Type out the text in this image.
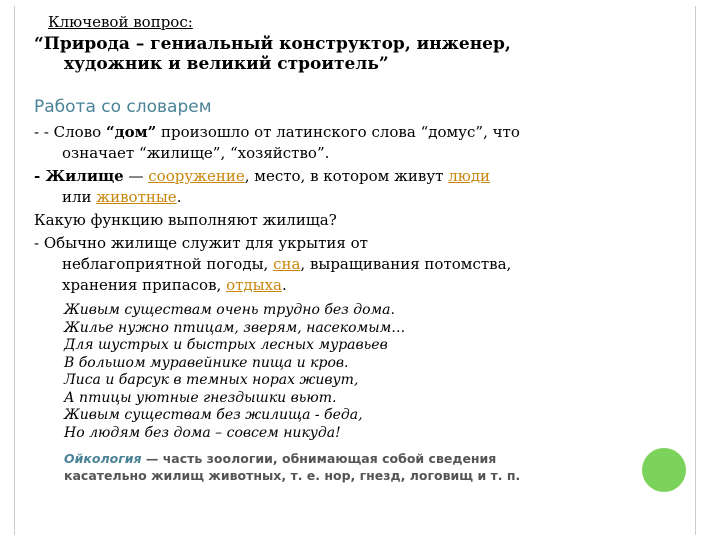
Ключевой вопрос:
“Природа – гениальный конструктор, инженер,
художник и великий строитель”
Работа со словарем
- - Слово “дом” произошло от латинского слова “домус”, что
означает “жилище”, “хозяйство”.
- Жилище — сооружение, место, в котором живут люди
или животные.
Какую функцию выполняют жилища?
- Обычно жилище служит для укрытия от
неблагоприятной погоды, сна, выращивания потомства,
хранения припасов, отдыха.
Живым существам очень трудно без дома.
Жилье нужно птицам, зверям, насекомым…
Для шустрых и быстрых лесных муравьев
В большом муравейнике пища и кров.
Лиса и барсук в темных норах живут,
А птицы уютные гнездышки вьют.
Живым существам без жилища - беда,
Но людям без дома – совсем никуда!
Ойкология — часть зоологии, обнимающая собой сведения
касательно жилищ животных, т. е. нор, гнезд, логовищ и т. п.
